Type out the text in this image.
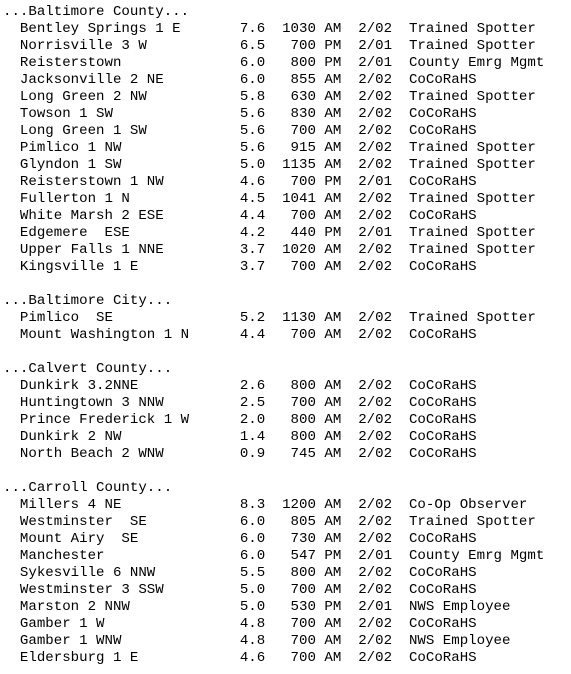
...Baltimore County...
Bentley Springs 1 E       7.6  1030 AM  2/02  Trained Spotter
Norrisville 3 W           6.5   700 PM  2/01  Trained Spotter
Reisterstown              6.0   800 PM  2/01  County Emrg Mgmt
Jacksonville 2 NE         6.0   855 AM  2/02  CoCoRaHS
Long Green 2 NW           5.8   630 AM  2/02  Trained Spotter
Towson 1 SW               5.6   830 AM  2/02  CoCoRaHS
Long Green 1 SW           5.6   700 AM  2/02  CoCoRaHS
Pimlico 1 NW              5.6   915 AM  2/02  Trained Spotter
Glyndon 1 SW              5.0  1135 AM  2/02  Trained Spotter
Reisterstown 1 NW         4.6   700 PM  2/01  CoCoRaHS
Fullerton 1 N             4.5  1041 AM  2/02  Trained Spotter
White Marsh 2 ESE         4.4   700 AM  2/02  CoCoRaHS
Edgemere  ESE             4.2   440 PM  2/01  Trained Spotter
Upper Falls 1 NNE         3.7  1020 AM  2/02  Trained Spotter
Kingsville 1 E            3.7   700 AM  2/02  CoCoRaHS
...Baltimore City...
Pimlico  SE               5.2  1130 AM  2/02  Trained Spotter
Mount Washington 1 N      4.4   700 AM  2/02  CoCoRaHS
...Calvert County...
Dunkirk 3.2NNE            2.6   800 AM  2/02  CoCoRaHS
Huntingtown 3 NNW         2.5   700 AM  2/02  CoCoRaHS
Prince Frederick 1 W      2.0   800 AM  2/02  CoCoRaHS
Dunkirk 2 NW              1.4   800 AM  2/02  CoCoRaHS
North Beach 2 WNW         0.9   745 AM  2/02  CoCoRaHS
...Carroll County...
Millers 4 NE              8.3  1200 AM  2/02  Co-Op Observer
Westminster  SE           6.0   805 AM  2/02  Trained Spotter
Mount Airy  SE            6.0   730 AM  2/02  CoCoRaHS
Manchester                6.0   547 PM  2/01  County Emrg Mgmt
Sykesville 6 NNW          5.5   800 AM  2/02  CoCoRaHS
Westminster 3 SSW         5.0   700 AM  2/02  CoCoRaHS
Marston 2 NNW             5.0   530 PM  2/01  NWS Employee
Gamber 1 W                4.8   700 AM  2/02  CoCoRaHS
Gamber 1 WNW              4.8   700 AM  2/02  NWS Employee
Eldersburg 1 E            4.6   700 AM  2/02  CoCoRaHS
